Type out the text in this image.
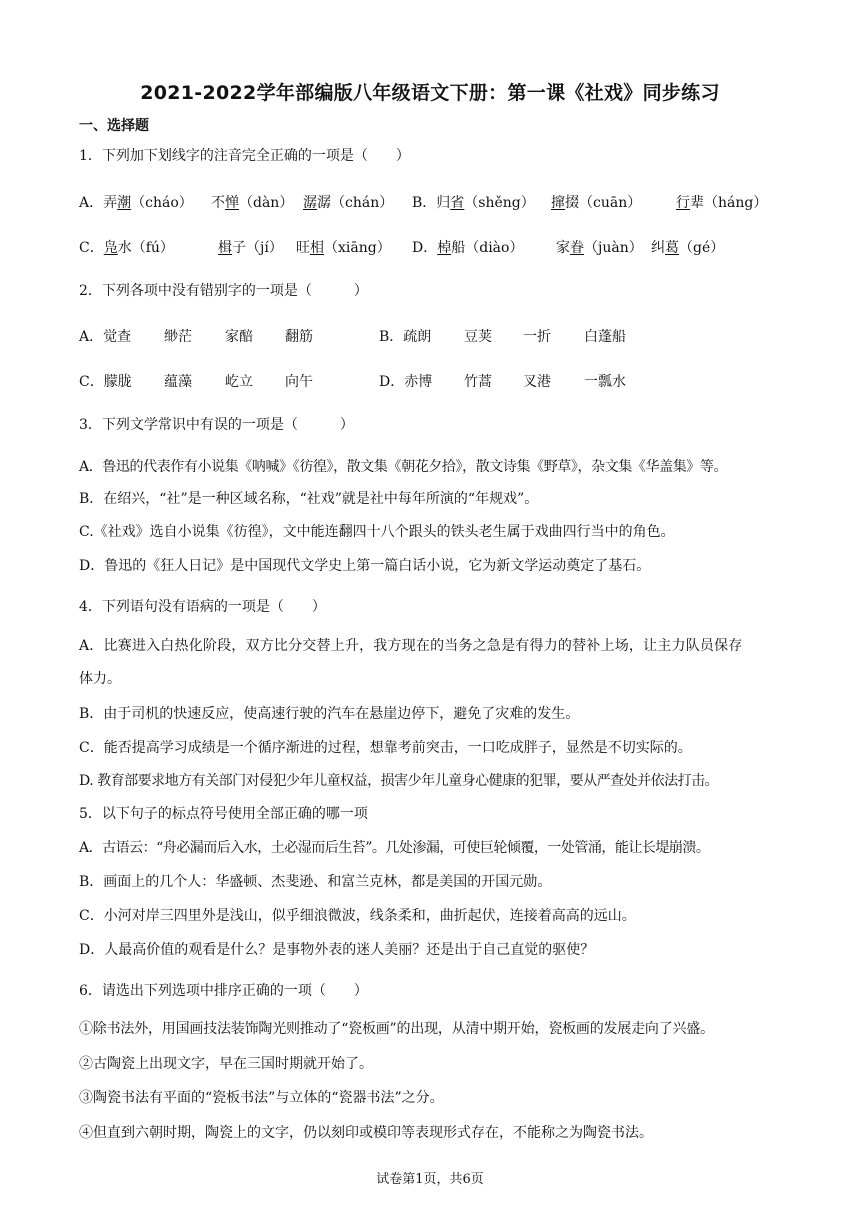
2021-2022学年部编版八年级语文下册：第一课《社戏》同步练习
一、选择题
1．下列加下划线字的注音完全正确的一项是（　　）
A．弄潮（cháo） 不惮（dàn） 潺潺（chán） B．归省（shěng） 撺掇（cuān） 行辈（háng）
C．凫水（fú）	楫子（jí） 旺相（xiāng） D．棹船（diào） 家眷（juàn） 纠葛（gé）
2．下列各项中没有错别字的一项是（　　　）
A．觉查 缈茫 家醅 翻筋	B．疏朗 豆荚 一折 白蓬船
C．朦胧 蕴藻 屹立 向午	D．赤博 竹蒿 叉港 一瓢水
3．下列文学常识中有误的一项是（　　　）
A．鲁迅的代表作有小说集《呐喊》《彷徨》，散文集《朝花夕拾》，散文诗集《野草》，杂文集《华盖集》等。
B．在绍兴，“社”是一种区域名称，“社戏”就是社中每年所演的“年规戏”。
C.《社戏》选自小说集《彷徨》，文中能连翻四十八个跟头的铁头老生属于戏曲四行当中的角色。
D．鲁迅的《狂人日记》是中国现代文学史上第一篇白话小说，它为新文学运动奠定了基石。
4．下列语句没有语病的一项是（　　）
A．比赛进入白热化阶段，双方比分交替上升，我方现在的当务之急是有得力的替补上场，让主力队员保存
体力。
B．由于司机的快速反应，使高速行驶的汽车在悬崖边停下，避免了灾难的发生。
C．能否提高学习成绩是一个循序渐进的过程，想靠考前突击，一口吃成胖子，显然是不切实际的。
D. 教育部要求地方有关部门对侵犯少年儿童权益，损害少年儿童身心健康的犯罪，要从严查处并依法打击。
5．以下句子的标点符号使用全部正确的哪一项
A．古语云：“舟必漏而后入水，土必湿而后生苔”。几处渗漏，可使巨轮倾覆，一处管涌，能让长堤崩溃。
B．画面上的几个人：华盛顿、杰斐逊、和富兰克林，都是美国的开国元勋。
C．小河对岸三四里外是浅山，似乎细浪微波，线条柔和，曲折起伏，连接着高高的远山。
D．人最高价值的观看是什么？是事物外表的迷人美丽？还是出于自己直觉的驱使？
6．请选出下列选项中排序正确的一项（　　）
①除书法外，用国画技法装饰陶光则推动了“瓷板画”的出现，从清中期开始，瓷板画的发展走向了兴盛。
②古陶瓷上出现文字，早在三国时期就开始了。
③陶瓷书法有平面的“瓷板书法”与立体的“瓷器书法”之分。
④但直到六朝时期，陶瓷上的文字，仍以刻印或模印等表现形式存在，不能称之为陶瓷书法。
试卷第1页，共6页
